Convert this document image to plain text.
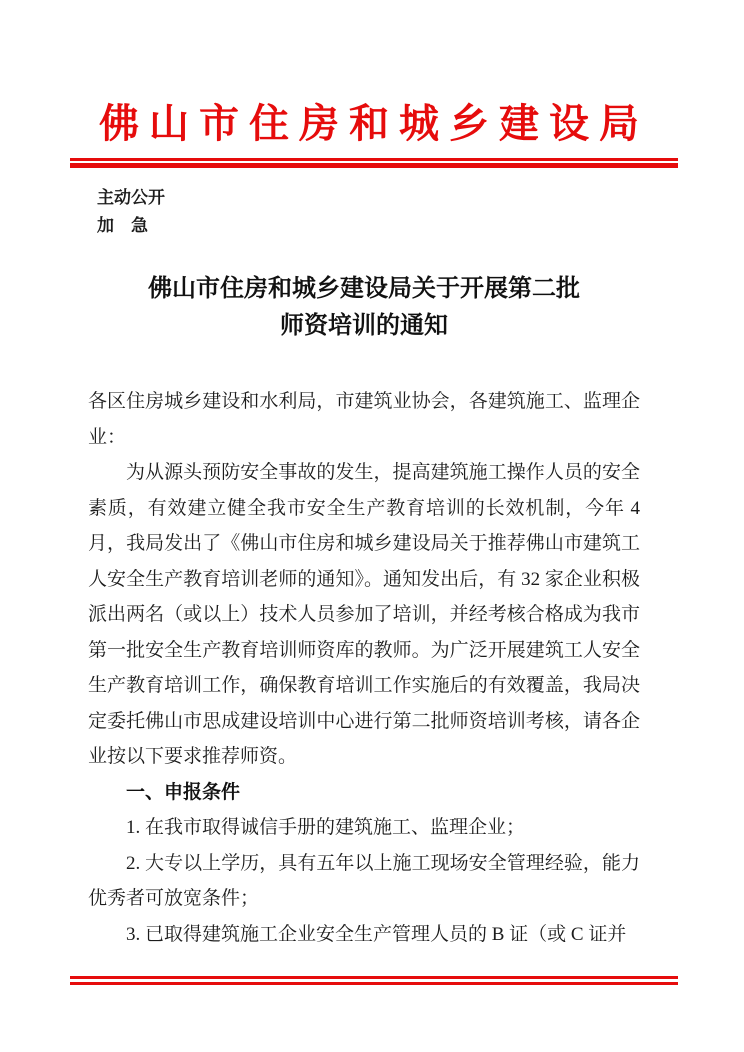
佛山市住房和城乡建设局
主动公开
加　急
佛山市住房和城乡建设局关于开展第二批
师资培训的通知

各区住房城乡建设和水利局，市建筑业协会，各建筑施工、监理企业：

为从源头预防安全事故的发生，提高建筑施工操作人员的安全素质，有效建立健全我市安全生产教育培训的长效机制，今年 4 月，我局发出了《佛山市住房和城乡建设局关于推荐佛山市建筑工人安全生产教育培训老师的通知》。通知发出后，有 32 家企业积极派出两名（或以上）技术人员参加了培训，并经考核合格成为我市第一批安全生产教育培训师资库的教师。为广泛开展建筑工人安全生产教育培训工作，确保教育培训工作实施后的有效覆盖，我局决定委托佛山市思成建设培训中心进行第二批师资培训考核，请各企业按以下要求推荐师资。

一、申报条件

1. 在我市取得诚信手册的建筑施工、监理企业；

2. 大专以上学历，具有五年以上施工现场安全管理经验，能力优秀者可放宽条件；

3. 已取得建筑施工企业安全生产管理人员的 B 证（或 C 证并
